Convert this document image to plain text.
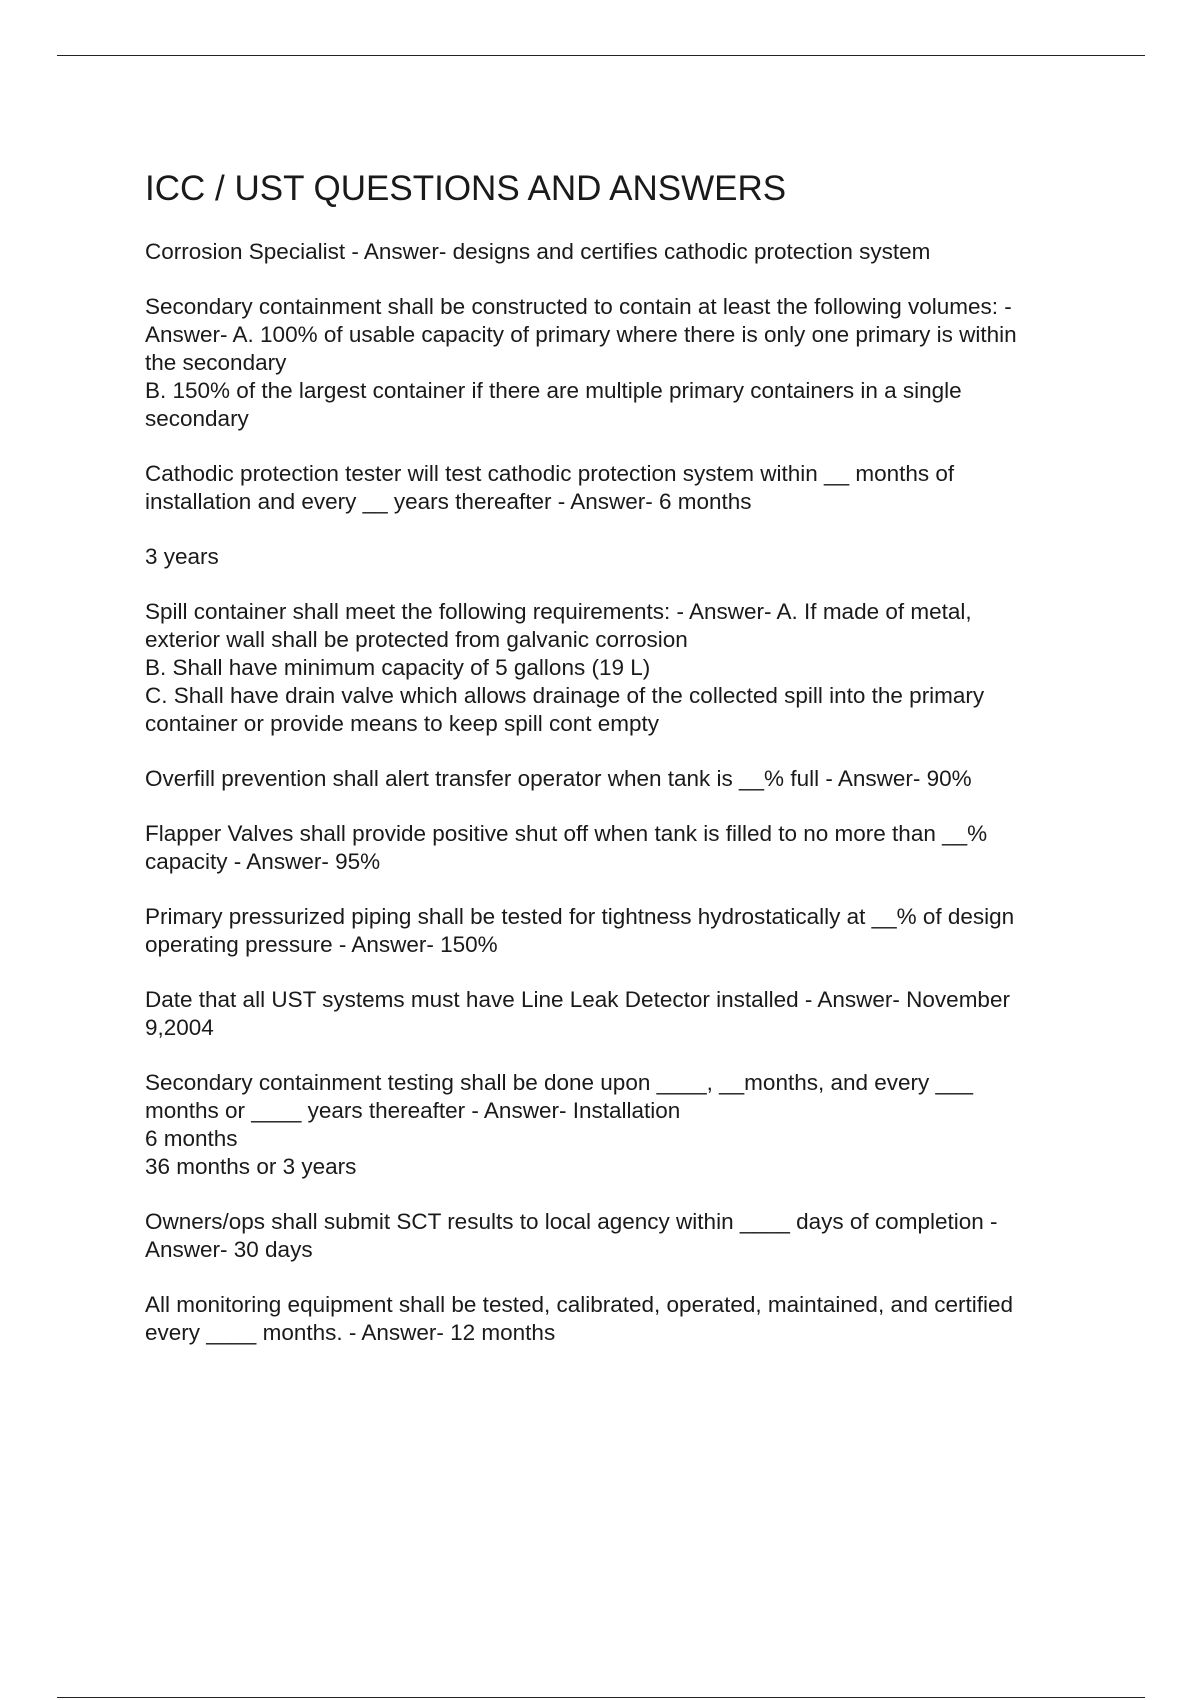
ICC / UST QUESTIONS AND ANSWERS

Corrosion Specialist - Answer- designs and certifies cathodic protection system

Secondary containment shall be constructed to contain at least the following volumes: -
Answer- A. 100% of usable capacity of primary where there is only one primary is within
the secondary
B. 150% of the largest container if there are multiple primary containers in a single
secondary

Cathodic protection tester will test cathodic protection system within __ months of
installation and every __ years thereafter - Answer- 6 months

3 years

Spill container shall meet the following requirements: - Answer- A. If made of metal,
exterior wall shall be protected from galvanic corrosion
B. Shall have minimum capacity of 5 gallons (19 L)
C. Shall have drain valve which allows drainage of the collected spill into the primary
container or provide means to keep spill cont empty

Overfill prevention shall alert transfer operator when tank is __% full - Answer- 90%

Flapper Valves shall provide positive shut off when tank is filled to no more than __%
capacity - Answer- 95%

Primary pressurized piping shall be tested for tightness hydrostatically at __% of design
operating pressure - Answer- 150%

Date that all UST systems must have Line Leak Detector installed - Answer- November
9,2004

Secondary containment testing shall be done upon ____, __months, and every ___
months or ____ years thereafter - Answer- Installation
6 months
36 months or 3 years

Owners/ops shall submit SCT results to local agency within ____ days of completion -
Answer- 30 days

All monitoring equipment shall be tested, calibrated, operated, maintained, and certified
every ____ months. - Answer- 12 months
